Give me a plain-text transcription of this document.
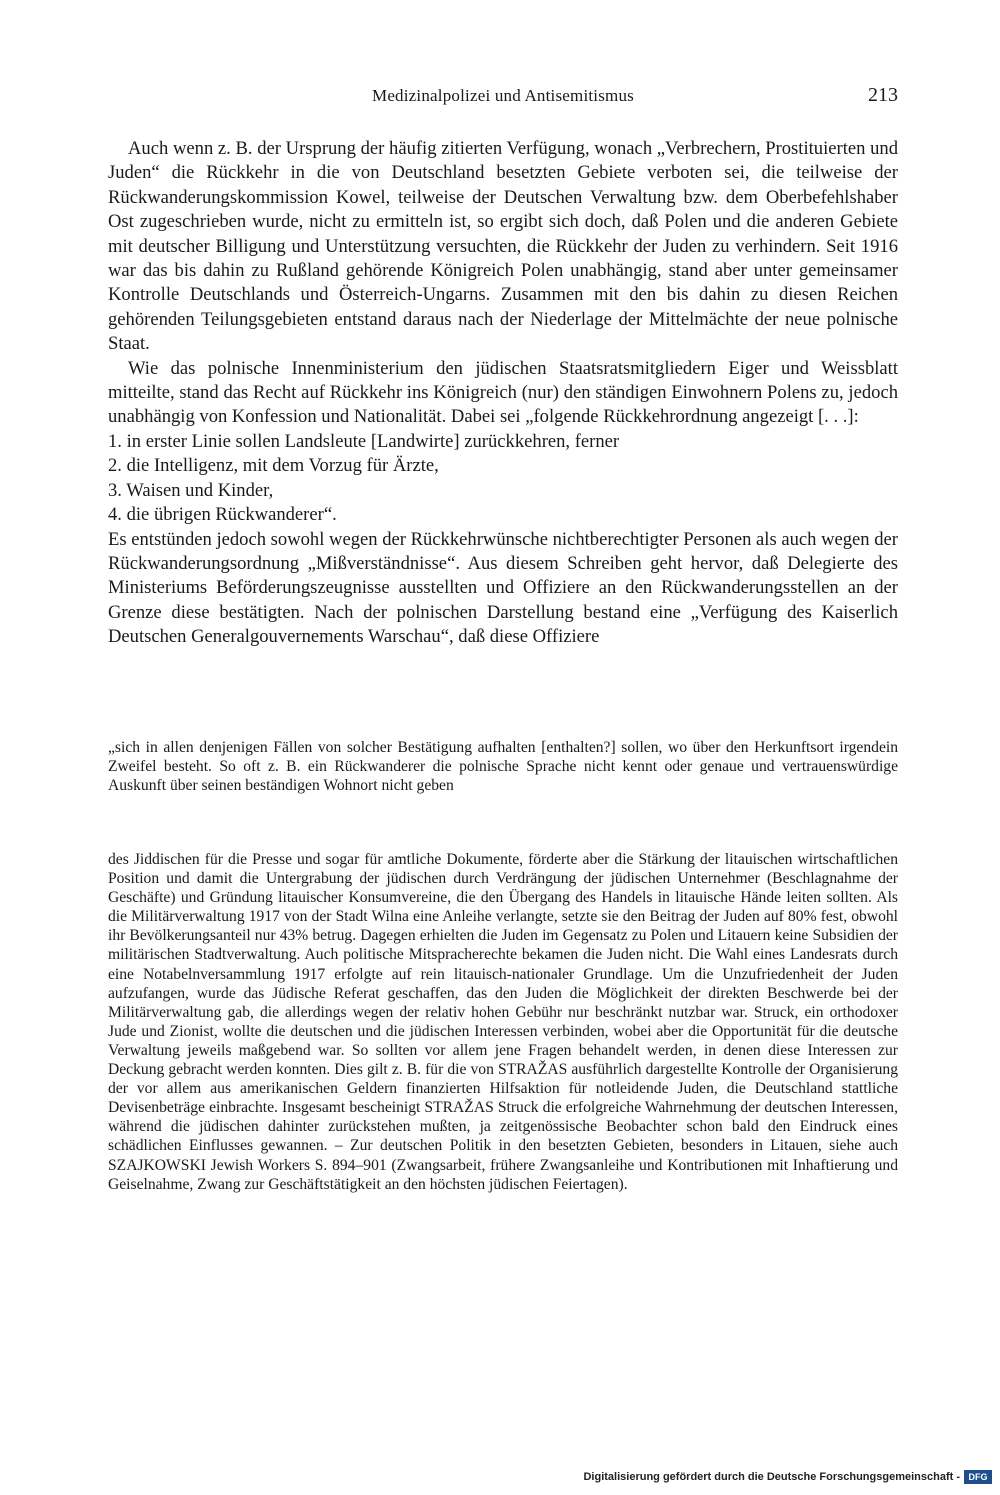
Medizinalpolizei und Antisemitismus	213

Auch wenn z. B. der Ursprung der häufig zitierten Verfügung, wonach „Verbrechern, Prostituierten und Juden“ die Rückkehr in die von Deutschland besetzten Gebiete verboten sei, die teilweise der Rückwanderungskommission Kowel, teilweise der Deutschen Verwaltung bzw. dem Oberbefehlshaber Ost zugeschrieben wurde, nicht zu ermitteln ist, so ergibt sich doch, daß Polen und die anderen Gebiete mit deutscher Billigung und Unterstützung versuchten, die Rückkehr der Juden zu verhindern. Seit 1916 war das bis dahin zu Rußland gehörende Königreich Polen unabhängig, stand aber unter gemeinsamer Kontrolle Deutschlands und Österreich-Ungarns. Zusammen mit den bis dahin zu diesen Reichen gehörenden Teilungsgebieten entstand daraus nach der Niederlage der Mittelmächte der neue polnische Staat.

Wie das polnische Innenministerium den jüdischen Staatsratsmitgliedern Eiger und Weissblatt mitteilte, stand das Recht auf Rückkehr ins Königreich (nur) den ständigen Einwohnern Polens zu, jedoch unabhängig von Konfession und Nationalität. Dabei sei „folgende Rückkehrordnung angezeigt [. . .]:

1. in erster Linie sollen Landsleute [Landwirte] zurückkehren, ferner
2. die Intelligenz, mit dem Vorzug für Ärzte,
3. Waisen und Kinder,
4. die übrigen Rückwanderer“.

Es entstünden jedoch sowohl wegen der Rückkehrwünsche nichtberechtigter Personen als auch wegen der Rückwanderungsordnung „Mißverständnisse“. Aus diesem Schreiben geht hervor, daß Delegierte des Ministeriums Beförderungszeugnisse ausstellten und Offiziere an den Rückwanderungsstellen an der Grenze diese bestätigten. Nach der polnischen Darstellung bestand eine „Verfügung des Kaiserlich Deutschen Generalgouvernements Warschau“, daß diese Offiziere

„sich in allen denjenigen Fällen von solcher Bestätigung aufhalten [enthalten?] sollen, wo über den Herkunftsort irgendein Zweifel besteht. So oft z. B. ein Rückwanderer die polnische Sprache nicht kennt oder genaue und vertrauenswürdige Auskunft über seinen beständigen Wohnort nicht geben
des Jiddischen für die Presse und sogar für amtliche Dokumente, förderte aber die Stärkung der litauischen wirtschaftlichen Position und damit die Untergrabung der jüdischen durch Verdrängung der jüdischen Unternehmer (Beschlagnahme der Geschäfte) und Gründung litauischer Konsumvereine, die den Übergang des Handels in litauische Hände leiten sollten. Als die Militärverwaltung 1917 von der Stadt Wilna eine Anleihe verlangte, setzte sie den Beitrag der Juden auf 80% fest, obwohl ihr Bevölkerungsanteil nur 43% betrug. Dagegen erhielten die Juden im Gegensatz zu Polen und Litauern keine Subsidien der militärischen Stadtverwaltung. Auch politische Mitspracherechte bekamen die Juden nicht. Die Wahl eines Landesrats durch eine Notabelnversammlung 1917 erfolgte auf rein litauisch-nationaler Grundlage. Um die Unzufriedenheit der Juden aufzufangen, wurde das Jüdische Referat geschaffen, das den Juden die Möglichkeit der direkten Beschwerde bei der Militärverwaltung gab, die allerdings wegen der relativ hohen Gebühr nur beschränkt nutzbar war. Struck, ein orthodoxer Jude und Zionist, wollte die deutschen und die jüdischen Interessen verbinden, wobei aber die Opportunität für die deutsche Verwaltung jeweils maßgebend war. So sollten vor allem jene Fragen behandelt werden, in denen diese Interessen zur Deckung gebracht werden konnten. Dies gilt z. B. für die von STRAŽAS ausführlich dargestellte Kontrolle der Organisierung der vor allem aus amerikanischen Geldern finanzierten Hilfsaktion für notleidende Juden, die Deutschland stattliche Devisenbeträge einbrachte. Insgesamt bescheinigt STRAŽAS Struck die erfolgreiche Wahrnehmung der deutschen Interessen, während die jüdischen dahinter zurückstehen mußten, ja zeitgenössische Beobachter schon bald den Eindruck eines schädlichen Einflusses gewannen. – Zur deutschen Politik in den besetzten Gebieten, besonders in Litauen, siehe auch SZAJKOWSKI Jewish Workers S. 894–901 (Zwangsarbeit, frühere Zwangsanleihe und Kontributionen mit Inhaftierung und Geiselnahme, Zwang zur Geschäftstätigkeit an den höchsten jüdischen Feiertagen).
Digitalisierung gefördert durch die Deutsche Forschungsgemeinschaft - DFG
